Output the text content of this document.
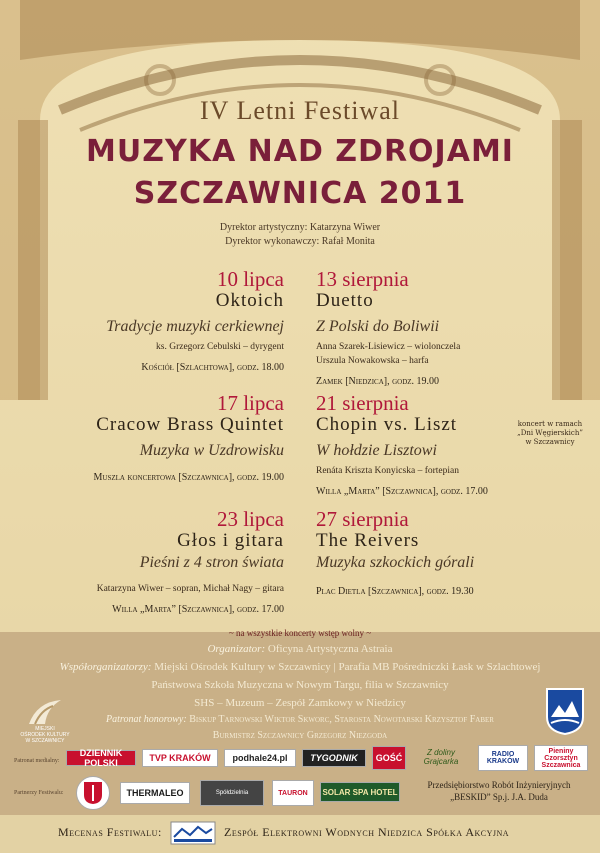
IV Letni Festiwal
MUZYKA NAD ZDROJAMI
SZCZAWNICA 2011
Dyrektor artystyczny: Katarzyna Wiwer
Dyrektor wykonawczy: Rafał Monita
10 lipca
Oktoich
Tradycje muzyki cerkiewnej
ks. Grzegorz Cebulski – dyrygent
Kościół [Szlachtowa], godz. 18.00
17 lipca
Cracow Brass Quintet
Muzyka w Uzdrowisku
Muszla koncertowa [Szczawnica], godz. 19.00
23 lipca
Głos i gitara
Pieśni z 4 stron świata
Katarzyna Wiwer – sopran, Michał Nagy – gitara
Willa „Marta” [Szczawnica], godz. 17.00
13 sierpnia
Duetto
Z Polski do Boliwii
Anna Szarek-Lisiewicz – wiolonczela
Urszula Nowakowska – harfa
Zamek [Niedzica], godz. 19.00
21 sierpnia
Chopin vs. Liszt
W hołdzie Lisztowi
Renáta Kriszta Konyicska – fortepian
Willa „Marta” [Szczawnica], godz. 17.00
koncert w ramach
„Dni Węgierskich”
w Szczawnicy
27 sierpnia
The Reivers
Muzyka szkockich górali
Plac Dietla [Szczawnica], godz. 19.30
~ na wszystkie koncerty wstęp wolny ~
Organizator: Oficyna Artystyczna Astraia
Współorganizatorzy: Miejski Ośrodek Kultury w Szczawnicy | Parafia MB Pośredniczki Łask w Szlachtowej
Państwowa Szkoła Muzyczna w Nowym Targu, filia w Szczawnicy
SHS – Muzeum – Zespół Zamkowy w Niedzicy
Patronat honorowy: Biskup Tarnowski Wiktor Skworc, Starosta Nowotarski Krzysztof Faber
Burmistrz Szczawnicy Grzegorz Niezgoda
MIEJSKI
OŚRODEK KULTURY
W SZCZAWNICY
Patronat medialny:
DZIENNIK POLSKI	TVP KRAKÓW	podhale24.pl	TYGODNIK	GOŚĆ
Z doliny Grajcarka
RADIO KRAKÓW
Pieniny Czorsztyn Szczawnica
Partnerzy Festiwalu:	THERMALEO	Spółdzielnia	TAURON	SOLAR SPA HOTEL
Przedsiębiorstwo Robót Inżynieryjnych
„BESKID” Sp.j. J.A. Duda
Mecenas Festiwalu:	Zespół Elektrowni Wodnych Niedzica Spółka Akcyjna
